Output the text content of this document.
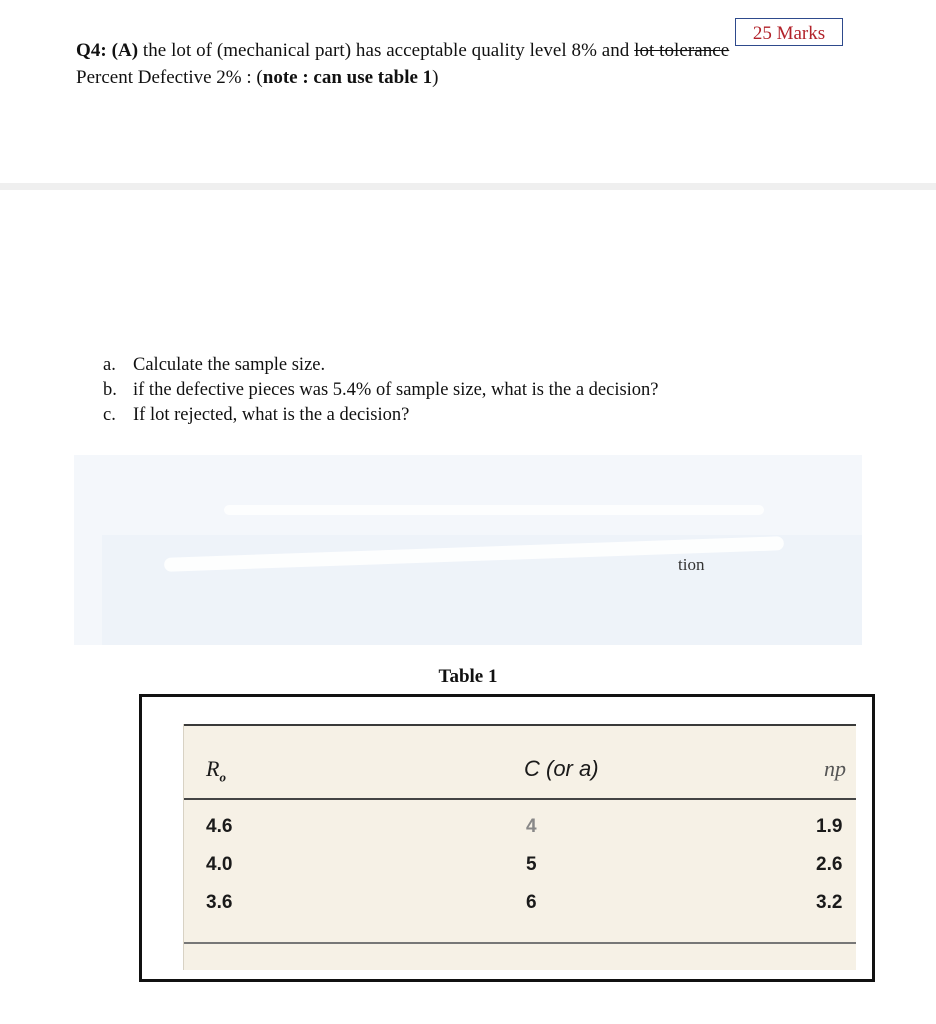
25 Marks
Q4: (A) the lot of (mechanical part) has acceptable quality level 8% and lot tolerance
Percent Defective 2% : (note : can use table 1)
a. Calculate the sample size.
b. if the defective pieces was 5.4% of sample size, what is the a decision?
c. If lot rejected, what is the a decision?
tion
Table 1
$R_o$	C (or a)	np
4.6	4	1.9
4.0	5	2.6
3.6	6	3.2
